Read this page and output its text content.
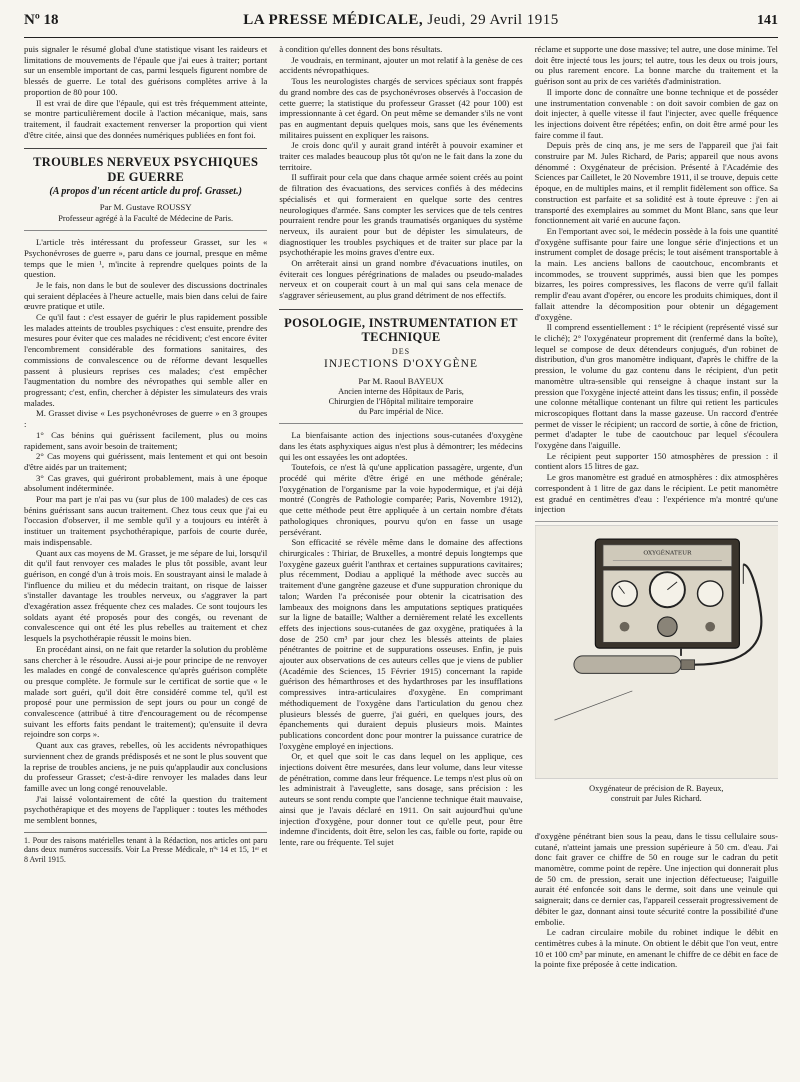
Nº 18	LA PRESSE MÉDICALE, Jeudi, 29 Avril 1915	141

puis signaler le résumé global d'une statistique visant les raideurs et limitations de mouvements de l'épaule que j'ai eues à traiter; portant sur un ensemble important de cas, parmi lesquels figurent nombre de blessés de guerre. Le total des guérisons complètes arrive à la proportion de 80 pour 100.

Il est vrai de dire que l'épaule, qui est très fréquemment atteinte, se montre particulièrement docile à l'action mécanique, mais, sans traitement, il faudrait exactement renverser la proportion qui vient d'être citée, ainsi que des données numériques publiées en font foi.

TROUBLES NERVEUX PSYCHIQUES DE GUERRE
(A propos d'un récent article du prof. Grasset.)
Par M. Gustave ROUSSY
Professeur agrégé à la Faculté de Médecine de Paris.

L'article très intéressant du professeur Grasset, sur les « Psychonévroses de guerre », paru dans ce journal, presque en même temps que le mien ¹, m'incite à reprendre quelques points de la question.

Je le fais, non dans le but de soulever des discussions doctrinales qui seraient déplacées à l'heure actuelle, mais bien dans celui de faire œuvre pratique et utile.

Ce qu'il faut : c'est essayer de guérir le plus rapidement possible les malades atteints de troubles psychiques : c'est ensuite, prendre des mesures pour éviter que ces malades ne récidivent; c'est encore éviter l'encombrement considérable des formations sanitaires, des commissions de convalescence ou de réforme devant lesquelles passent à plusieurs reprises ces malades; c'est empêcher l'augmentation du nombre des névropathes qui semble aller en progressant; c'est, enfin, chercher à dépister les simulateurs des vrais malades.

M. Grasset divise « Les psychonévroses de guerre » en 3 groupes :

1° Cas bénins qui guérissent facilement, plus ou moins rapidement, sans avoir besoin de traitement;

2° Cas moyens qui guérissent, mais lentement et qui ont besoin d'être aidés par un traitement;

3° Cas graves, qui guériront probablement, mais à une époque absolument indéterminée.

Pour ma part je n'ai pas vu (sur plus de 100 malades) de ces cas bénins guérissant sans aucun traitement. Chez tous ceux que j'ai eu l'occasion d'observer, il me semble qu'il y a toujours eu intérêt à instituer un traitement psychothérapique, parfois de courte durée, mais indispensable.

Quant aux cas moyens de M. Grasset, je me sépare de lui, lorsqu'il dit qu'il faut renvoyer ces malades le plus tôt possible, avant leur guérison, en congé d'un à trois mois. En soustrayant ainsi le malade à l'influence du milieu et du médecin traitant, on risque de laisser s'installer davantage les troubles nerveux, ou s'aggraver la part d'exagération assez fréquente chez ces malades. Ce sont toujours les soldats ayant été proposés pour des congés, ou revenant de convalescence qui ont été les plus rebelles au traitement et chez lesquels la psychothérapie réussit le moins bien.

En procédant ainsi, on ne fait que retarder la solution du problème sans chercher à le résoudre. Aussi ai-je pour principe de ne renvoyer les malades en congé de convalescence qu'après guérison complète ou presque complète. Je formule sur le certificat de sortie que « le malade sort guéri, qu'il doit être considéré comme tel, qu'il est proposé pour une permission de sept jours ou pour un congé de convalescence (attribué à titre d'encouragement ou de récompense suivant les efforts faits pendant le traitement); qu'ensuite il devra rejoindre son corps ».

Quant aux cas graves, rebelles, où les accidents névropathiques surviennent chez de grands prédisposés et ne sont le plus souvent que la reprise de troubles anciens, je ne puis qu'applaudir aux conclusions du professeur Grasset; c'est-à-dire renvoyer les malades dans leur famille avec un long congé renouvelable.

J'ai laissé volontairement de côté la question du traitement psychothérapique et des moyens de l'appliquer : toutes les méthodes me semblent bonnes,

1. Pour des raisons matérielles tenant à la Rédaction, nos articles ont paru dans deux numéros successifs. Voir La Presse Médicale, nºˢ 14 et 15, 1ᵉʳ et 8 Avril 1915.

à condition qu'elles donnent des bons résultats.

Je voudrais, en terminant, ajouter un mot relatif à la genèse de ces accidents névropathiques.

Tous les neurologistes chargés de services spéciaux sont frappés du grand nombre des cas de psychonévroses observés à l'occasion de cette guerre; la statistique du professeur Grasset (42 pour 100) est impressionnante à cet égard. On peut même se demander s'ils ne vont pas en augmentant depuis quelques mois, sans que les événements militaires puissent en expliquer les raisons.

Je crois donc qu'il y aurait grand intérêt à pouvoir examiner et traiter ces malades beaucoup plus tôt qu'on ne le fait dans la zone du territoire.

Il suffirait pour cela que dans chaque armée soient créés au point de filtration des évacuations, des services confiés à des médecins spécialisés et qui formeraient en quelque sorte des centres neurologiques d'armée. Sans compter les services que de tels centres pourraient rendre pour les grands traumatisés organiques du système nerveux, ils auraient pour but de dépister les simulateurs, de diagnostiquer les troubles psychiques et de traiter sur place par la psychothérapie les moins graves d'entre eux.

On arrêterait ainsi un grand nombre d'évacuations inutiles, on éviterait ces longues pérégrinations de malades ou pseudo-malades nerveux et on couperait court à un mal qui sans cela menace de s'aggraver sérieusement, au plus grand détriment de nos effectifs.

POSOLOGIE, INSTRUMENTATION ET TECHNIQUE
DES
INJECTIONS D'OXYGÈNE
Par M. Raoul BAYEUX
Ancien interne des Hôpitaux de Paris,
Chirurgien de l'Hôpital militaire temporaire
du Parc impérial de Nice.

La bienfaisante action des injections sous-cutanées d'oxygène dans les états asphyxiques aigus n'est plus à démontrer; les médecins qui les ont essayées les ont adoptées.

Toutefois, ce n'est là qu'une application passagère, urgente, d'un procédé qui mérite d'être érigé en une méthode générale; l'oxygénation de l'organisme par la voie hypodermique, et j'ai déjà montré (Congrès de Pathologie comparée; Paris, Novembre 1912), que cette méthode peut être appliquée à un certain nombre d'états pathologiques chroniques, pourvu qu'on en fasse un usage persévérant.

Son efficacité se révèle même dans le domaine des affections chirurgicales : Thiriar, de Bruxelles, a montré depuis longtemps que l'oxygène gazeux guérit l'anthrax et certaines suppurations cavitaires; plus récemment, Dodiau a appliqué la méthode avec succès au traitement d'une gangrène gazeuse et d'une suppuration chronique du talon; Warden l'a préconisée pour obtenir la cicatrisation des lambeaux des moignons dans les amputations septiques pratiquées sur la ligne de bataille; Walther a dernièrement relaté les excellents effets des injections sous-cutanées de gaz oxygène, pratiquées à la dose de 250 cm³ par jour chez les blessés atteints de plaies pénétrantes de poitrine et de suppurations osseuses. Enfin, je puis ajouter aux observations de ces auteurs celles que je viens de publier (Académie des Sciences, 15 Février 1915) concernant la rapide guérison des hémarthroses et des hydarthroses par les insufflations compressives intra-articulaires d'oxygène. En comprimant méthodiquement de l'oxygène dans l'articulation du genou chez plusieurs blessés de guerre, j'ai guéri, en quelques jours, des épanchements qui duraient depuis plusieurs mois. Maintes publications concordent donc pour montrer la puissance curatrice de l'oxygène employé en injections.

Or, et quel que soit le cas dans lequel on les applique, ces injections doivent être mesurées, dans leur volume, dans leur vitesse de pénétration, comme dans leur fréquence. Le temps n'est plus où on les administrait à l'aveuglette, sans dosage, sans précision : les auteurs se sont rendu compte que l'ancienne technique était mauvaise, ainsi que je l'avais déclaré en 1911. On sait aujourd'hui qu'une injection d'oxygène, pour donner tout ce qu'elle peut, pour être indemne d'incidents, doit être, selon les cas, faible ou forte, rapide ou lente, rare ou fréquente. Tel sujet

réclame et supporte une dose massive; tel autre, une dose minime. Tel doit être injecté tous les jours; tel autre, tous les deux ou trois jours, ou plus rarement encore. La bonne marche du traitement et la guérison sont au prix de ces variétés d'administration.

Il importe donc de connaître une bonne technique et de posséder une instrumentation convenable : on doit savoir combien de gaz on doit injecter, à quelle vitesse il faut l'injecter, avec quelle fréquence les injections doivent être répétées; enfin, on doit être armé pour les faire comme il faut.

Depuis près de cinq ans, je me sers de l'appareil que j'ai fait construire par M. Jules Richard, de Paris; appareil que nous avons dénommé : Oxygénateur de précision. Présenté à l'Académie des Sciences par Cailletet, le 20 Novembre 1911, il se trouve, depuis cette époque, en de multiples mains, et il remplit fidèlement son office. Sa construction est parfaite et sa solidité est à toute épreuve : j'en ai transporté des exemplaires au sommet du Mont Blanc, sans que leur fonctionnement ait varié en aucune façon.

En l'emportant avec soi, le médecin possède à la fois une quantité d'oxygène suffisante pour faire une longue série d'injections et un instrument complet de dosage précis; le tout aisément transportable à la main. Les anciens ballons de caoutchouc, encombrants et incommodes, se trouvent supprimés, aussi bien que les pompes bizarres, les poires compressives, les flacons de verre qu'il fallait remplir d'eau avant d'opérer, ou encore les produits chimiques, dont il fallait attendre la décomposition pour obtenir un dégagement d'oxygène.

Il comprend essentiellement : 1° le récipient (représenté vissé sur le cliché); 2° l'oxygénateur proprement dit (renfermé dans la boîte), lequel se compose de deux détendeurs conjugués, d'un robinet de distribution, d'un gros manomètre indiquant, d'après le chiffre de la pression, le volume du gaz contenu dans le récipient, d'un petit manomètre ultra-sensible qui renseigne à chaque instant sur la pression que l'oxygène injecté atteint dans les tissus; enfin, il possède une colonne métallique contenant un filtre qui retient les particules microscopiques flottant dans la masse gazeuse. Un raccord d'entrée permet de visser le récipient; un raccord de sortie, à cône de friction, permet d'adapter le tube de caoutchouc par lequel s'écoulera l'oxygène dans l'aiguille.

Le récipient peut supporter 150 atmosphères de pression : il contient alors 15 litres de gaz.

Le gros manomètre est gradué en atmosphères : dix atmosphères correspondent à 1 litre de gaz dans le récipient. Le petit manomètre est gradué en centimètres d'eau : l'expérience m'a montré qu'une injection

OXYGÉNATEUR
Oxygénateur de précision de R. Bayeux,
construit par Jules Richard.

d'oxygène pénétrant bien sous la peau, dans le tissu cellulaire sous-cutané, n'atteint jamais une pression supérieure à 50 cm. d'eau. J'ai donc fait graver ce chiffre de 50 en rouge sur le cadran du petit manomètre, comme point de repère. Une injection qui donnerait plus de 50 cm. de pression, serait une injection défectueuse; l'aiguille aurait été enfoncée soit dans le derme, soit dans une veinule qui saignerait; dans ce dernier cas, l'appareil cesserait progressivement de débiter le gaz, donnant ainsi toute sécurité contre la possibilité d'une embolie.

Le cadran circulaire mobile du robinet indique le débit en centimètres cubes à la minute. On obtient le débit que l'on veut, entre 10 et 100 cm³ par minute, en amenant le chiffre de ce débit en face de la pointe fixe préposée à cette indication.
